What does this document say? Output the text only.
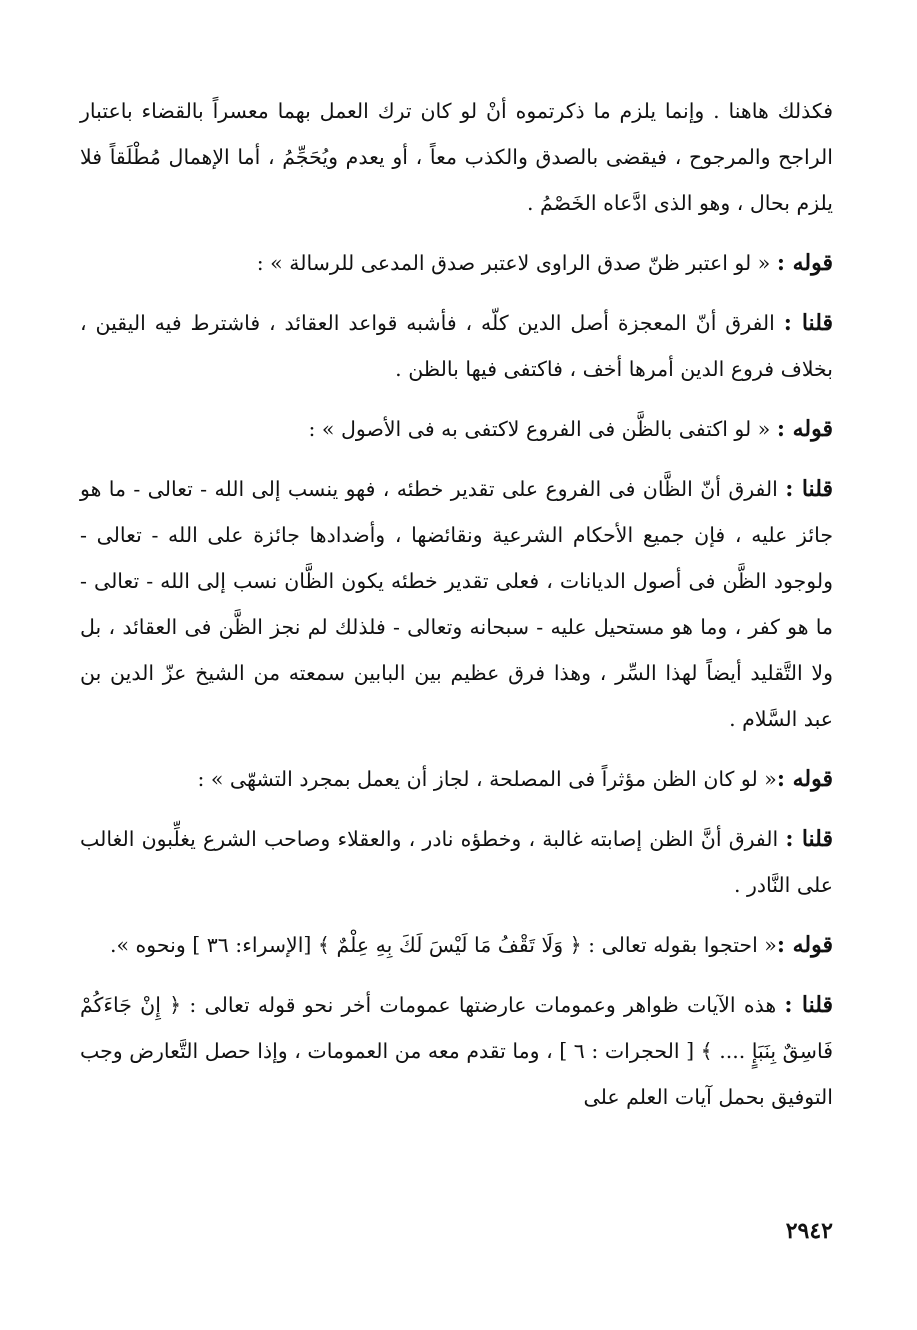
فكذلك هاهنا . وإنما يلزم ما ذكرتموه أنْ لو كان ترك العمل بهما معسراً بالقضاء باعتبار الراجح والمرجوح ، فيقضى بالصدق والكذب معاً ، أو يعدم ويُحَجِّمُ ، أما الإهمال مُطْلَقاً فلا يلزم بحال ، وهو الذى ادَّعاه الخَصْمُ .

قوله : « لو اعتبر ظنّ صدق الراوى لاعتبر صدق المدعى للرسالة » :

قلنا : الفرق أنّ المعجزة أصل الدين كلّه ، فأشبه قواعد العقائد ، فاشترط فيه اليقين ، بخلاف فروع الدين أمرها أخف ، فاكتفى فيها بالظن .

قوله : « لو اكتفى بالظَّن فى الفروع لاكتفى به فى الأصول » :

قلنا : الفرق أنّ الظَّان فى الفروع على تقدير خطئه ، فهو ينسب إلى الله - تعالى - ما هو جائز عليه ، فإن جميع الأحكام الشرعية ونقائضها ، وأضدادها جائزة على الله - تعالى - ولوجود الظَّن فى أصول الديانات ، فعلى تقدير خطئه يكون الظَّان نسب إلى الله - تعالى - ما هو كفر ، وما هو مستحيل عليه - سبحانه وتعالى - فلذلك لم نجز الظَّن فى العقائد ، بل ولا التَّقليد أيضاً لهذا السِّر ، وهذا فرق عظيم بين البابين سمعته من الشيخ عزّ الدين بن عبد السَّلام .

قوله :« لو كان الظن مؤثراً فى المصلحة ، لجاز أن يعمل بمجرد التشهّى » :

قلنا : الفرق أنَّ الظن إصابته غالبة ، وخطؤه نادر ، والعقلاء وصاحب الشرع يغلِّبون الغالب على النَّادر .

قوله :« احتجوا بقوله تعالى : ﴿ وَلَا تَقْفُ مَا لَيْسَ لَكَ بِهِ عِلْمٌ ﴾ [الإسراء: ٣٦ ] ونحوه ».

قلنا : هذه الآيات ظواهر وعمومات عارضتها عمومات أخر نحو قوله تعالى : ﴿ إِنْ جَاءَكُمْ فَاسِقٌ بِنَبَإٍ .... ﴾ [ الحجرات : ٦ ] ، وما تقدم معه من العمومات ، وإذا حصل التَّعارض وجب التوفيق بحمل آيات العلم على

٢٩٤٢
